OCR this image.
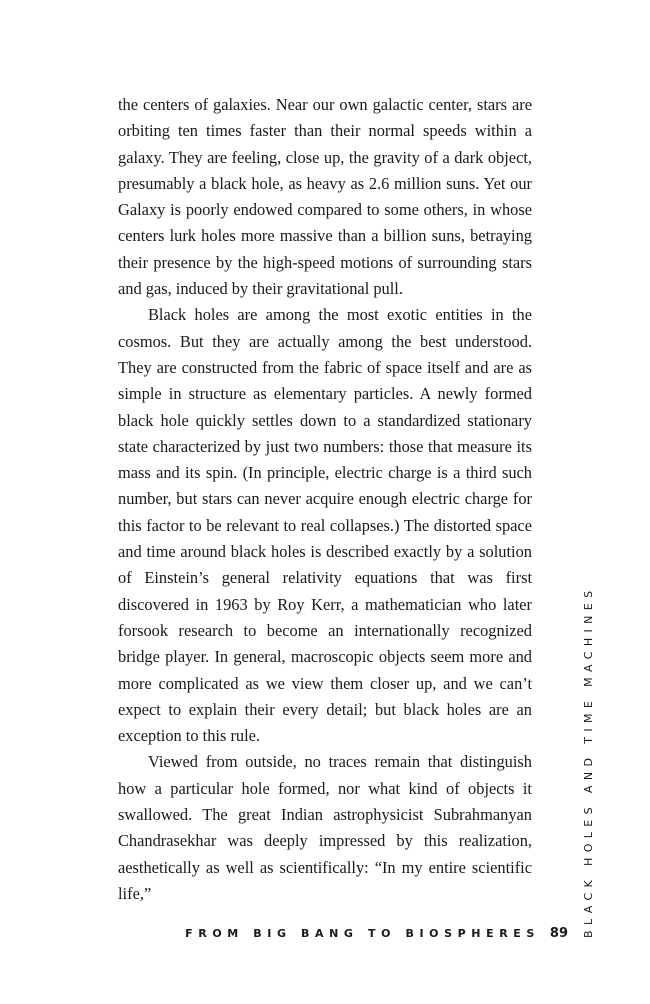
the centers of galaxies. Near our own galactic center, stars are orbiting ten times faster than their normal speeds within a galaxy. They are feeling, close up, the gravity of a dark object, presumably a black hole, as heavy as 2.6 million suns. Yet our Galaxy is poorly endowed compared to some others, in whose centers lurk holes more massive than a billion suns, betraying their presence by the high-speed motions of surrounding stars and gas, induced by their gravitational pull.

Black holes are among the most exotic entities in the cosmos. But they are actually among the best understood. They are constructed from the fabric of space itself and are as simple in structure as elementary particles. A newly formed black hole quickly settles down to a standardized stationary state characterized by just two numbers: those that measure its mass and its spin. (In principle, electric charge is a third such number, but stars can never acquire enough electric charge for this factor to be relevant to real collapses.) The distorted space and time around black holes is described exactly by a solution of Einstein’s general relativity equations that was first discovered in 1963 by Roy Kerr, a mathematician who later forsook research to become an internationally recognized bridge player. In general, macroscopic objects seem more and more complicated as we view them closer up, and we can’t expect to explain their every detail; but black holes are an exception to this rule.

Viewed from outside, no traces remain that distinguish how a particular hole formed, nor what kind of objects it swallowed. The great Indian astrophysicist Subrahmanyan Chandrasekhar was deeply impressed by this realization, aesthetically as well as scientifically: “In my entire scientific life,”

FROM BIG BANG TO BIOSPHERES 89 BLACK HOLES AND TIME MACHINES
